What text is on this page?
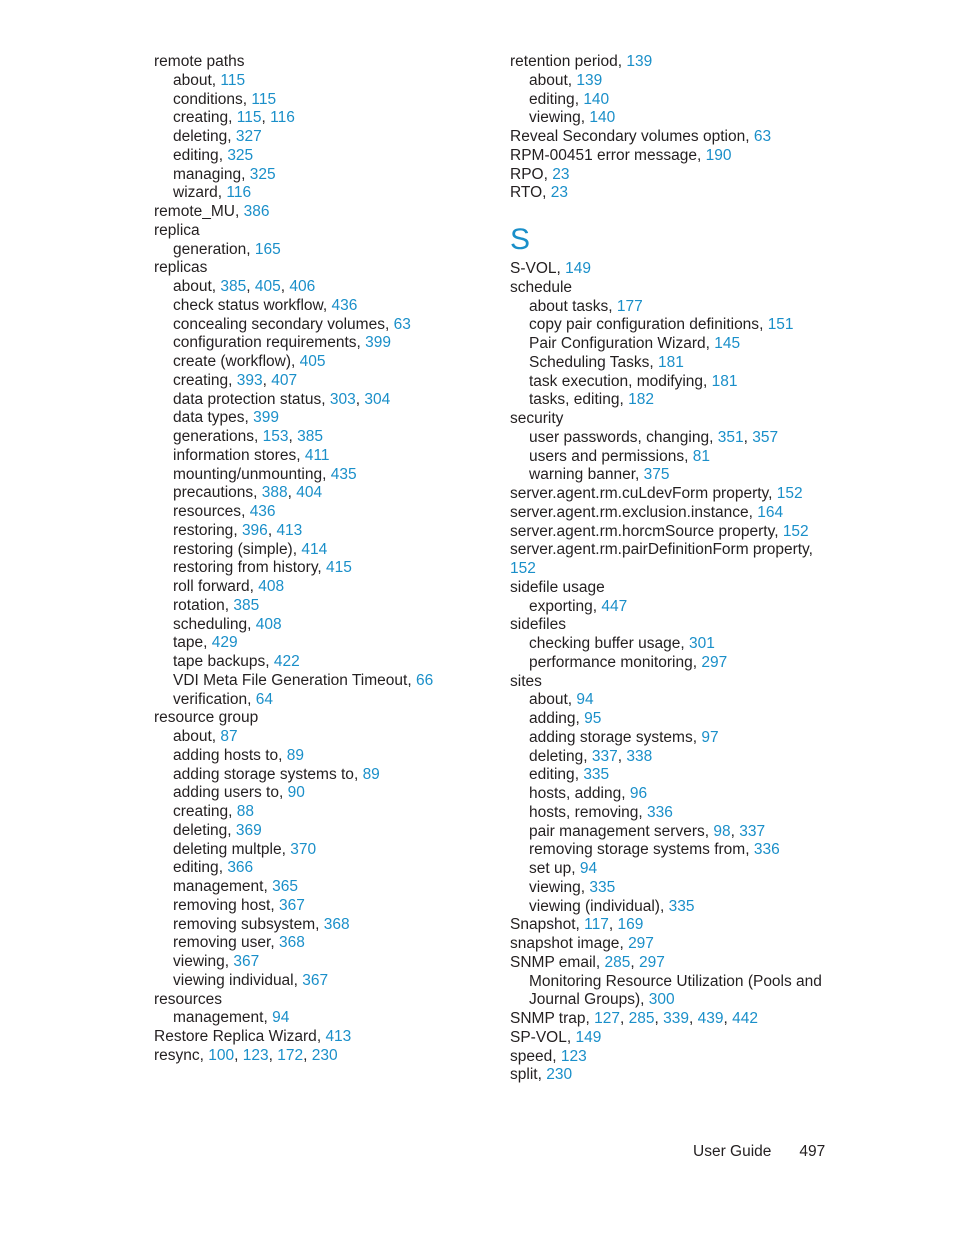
remote paths
about, 115
conditions, 115
creating, 115, 116
deleting, 327
editing, 325
managing, 325
wizard, 116
remote_MU, 386
replica
generation, 165
replicas
about, 385, 405, 406
check status workflow, 436
concealing secondary volumes, 63
configuration requirements, 399
create (workflow), 405
creating, 393, 407
data protection status, 303, 304
data types, 399
generations, 153, 385
information stores, 411
mounting/unmounting, 435
precautions, 388, 404
resources, 436
restoring, 396, 413
restoring (simple), 414
restoring from history, 415
roll forward, 408
rotation, 385
scheduling, 408
tape, 429
tape backups, 422
VDI Meta File Generation Timeout, 66
verification, 64
resource group
about, 87
adding hosts to, 89
adding storage systems to, 89
adding users to, 90
creating, 88
deleting, 369
deleting multple, 370
editing, 366
management, 365
removing host, 367
removing subsystem, 368
removing user, 368
viewing, 367
viewing individual, 367
resources
management, 94
Restore Replica Wizard, 413
resync, 100, 123, 172, 230
retention period, 139
about, 139
editing, 140
viewing, 140
Reveal Secondary volumes option, 63
RPM-00451 error message, 190
RPO, 23
RTO, 23
S
S-VOL, 149
schedule
about tasks, 177
copy pair configuration definitions, 151
Pair Configuration Wizard, 145
Scheduling Tasks, 181
task execution, modifying, 181
tasks, editing, 182
security
user passwords, changing, 351, 357
users and permissions, 81
warning banner, 375
server.agent.rm.cuLdevForm property, 152
server.agent.rm.exclusion.instance, 164
server.agent.rm.horcmSource property, 152
server.agent.rm.pairDefinitionForm property,
152
sidefile usage
exporting, 447
sidefiles
checking buffer usage, 301
performance monitoring, 297
sites
about, 94
adding, 95
adding storage systems, 97
deleting, 337, 338
editing, 335
hosts, adding, 96
hosts, removing, 336
pair management servers, 98, 337
removing storage systems from, 336
set up, 94
viewing, 335
viewing (individual), 335
Snapshot, 117, 169
snapshot image, 297
SNMP email, 285, 297
Monitoring Resource Utilization (Pools and
Journal Groups), 300
SNMP trap, 127, 285, 339, 439, 442
SP-VOL, 149
speed, 123
split, 230
User Guide 497
